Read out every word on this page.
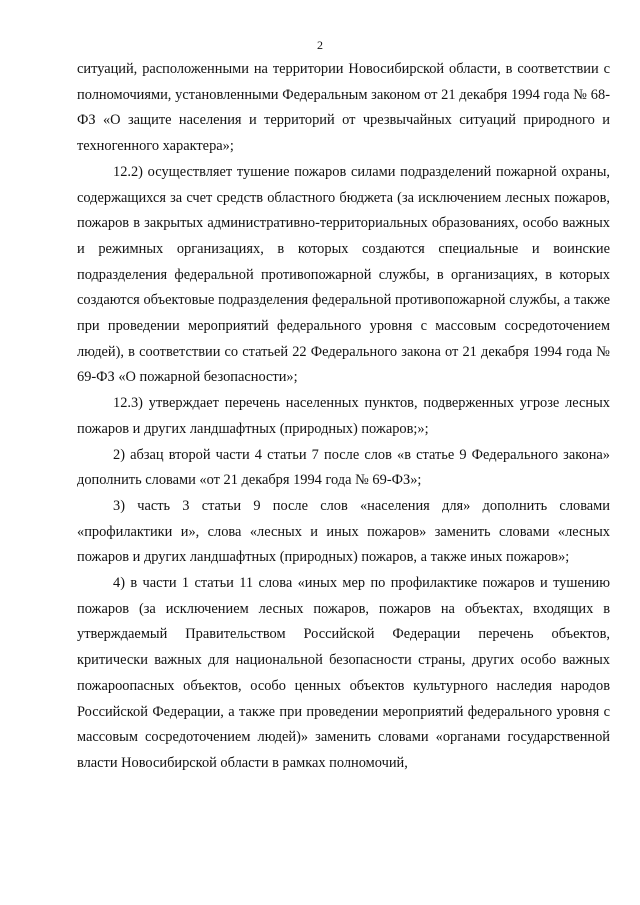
2

ситуаций, расположенными на территории Новосибирской области, в соответствии с полномочиями, установленными Федеральным законом от 21 декабря 1994 года № 68-ФЗ «О защите населения и территорий от чрезвычайных ситуаций природного и техногенного характера»;

12.2) осуществляет тушение пожаров силами подразделений пожарной охраны, содержащихся за счет средств областного бюджета (за исключением лесных пожаров, пожаров в закрытых административно-территориальных образованиях, особо важных и режимных организациях, в которых создаются специальные и воинские подразделения федеральной противопожарной службы, в организациях, в которых создаются объектовые подразделения федеральной противопожарной службы, а также при проведении мероприятий федерального уровня с массовым сосредоточением людей), в соответствии со статьей 22 Федерального закона от 21 декабря 1994 года № 69-ФЗ «О пожарной безопасности»;

12.3) утверждает перечень населенных пунктов, подверженных угрозе лесных пожаров и других ландшафтных (природных) пожаров;»;

2) абзац второй части 4 статьи 7 после слов «в статье 9 Федерального закона» дополнить словами «от 21 декабря 1994 года № 69-ФЗ»;

3) часть 3 статьи 9 после слов «населения для» дополнить словами «профилактики и», слова «лесных и иных пожаров» заменить словами «лесных пожаров и других ландшафтных (природных) пожаров, а также иных пожаров»;

4) в части 1 статьи 11 слова «иных мер по профилактике пожаров и тушению пожаров (за исключением лесных пожаров, пожаров на объектах, входящих в утверждаемый Правительством Российской Федерации перечень объектов, критически важных для национальной безопасности страны, других особо важных пожароопасных объектов, особо ценных объектов культурного наследия народов Российской Федерации, а также при проведении мероприятий федерального уровня с массовым сосредоточением людей)» заменить словами «органами государственной власти Новосибирской области в рамках полномочий,
